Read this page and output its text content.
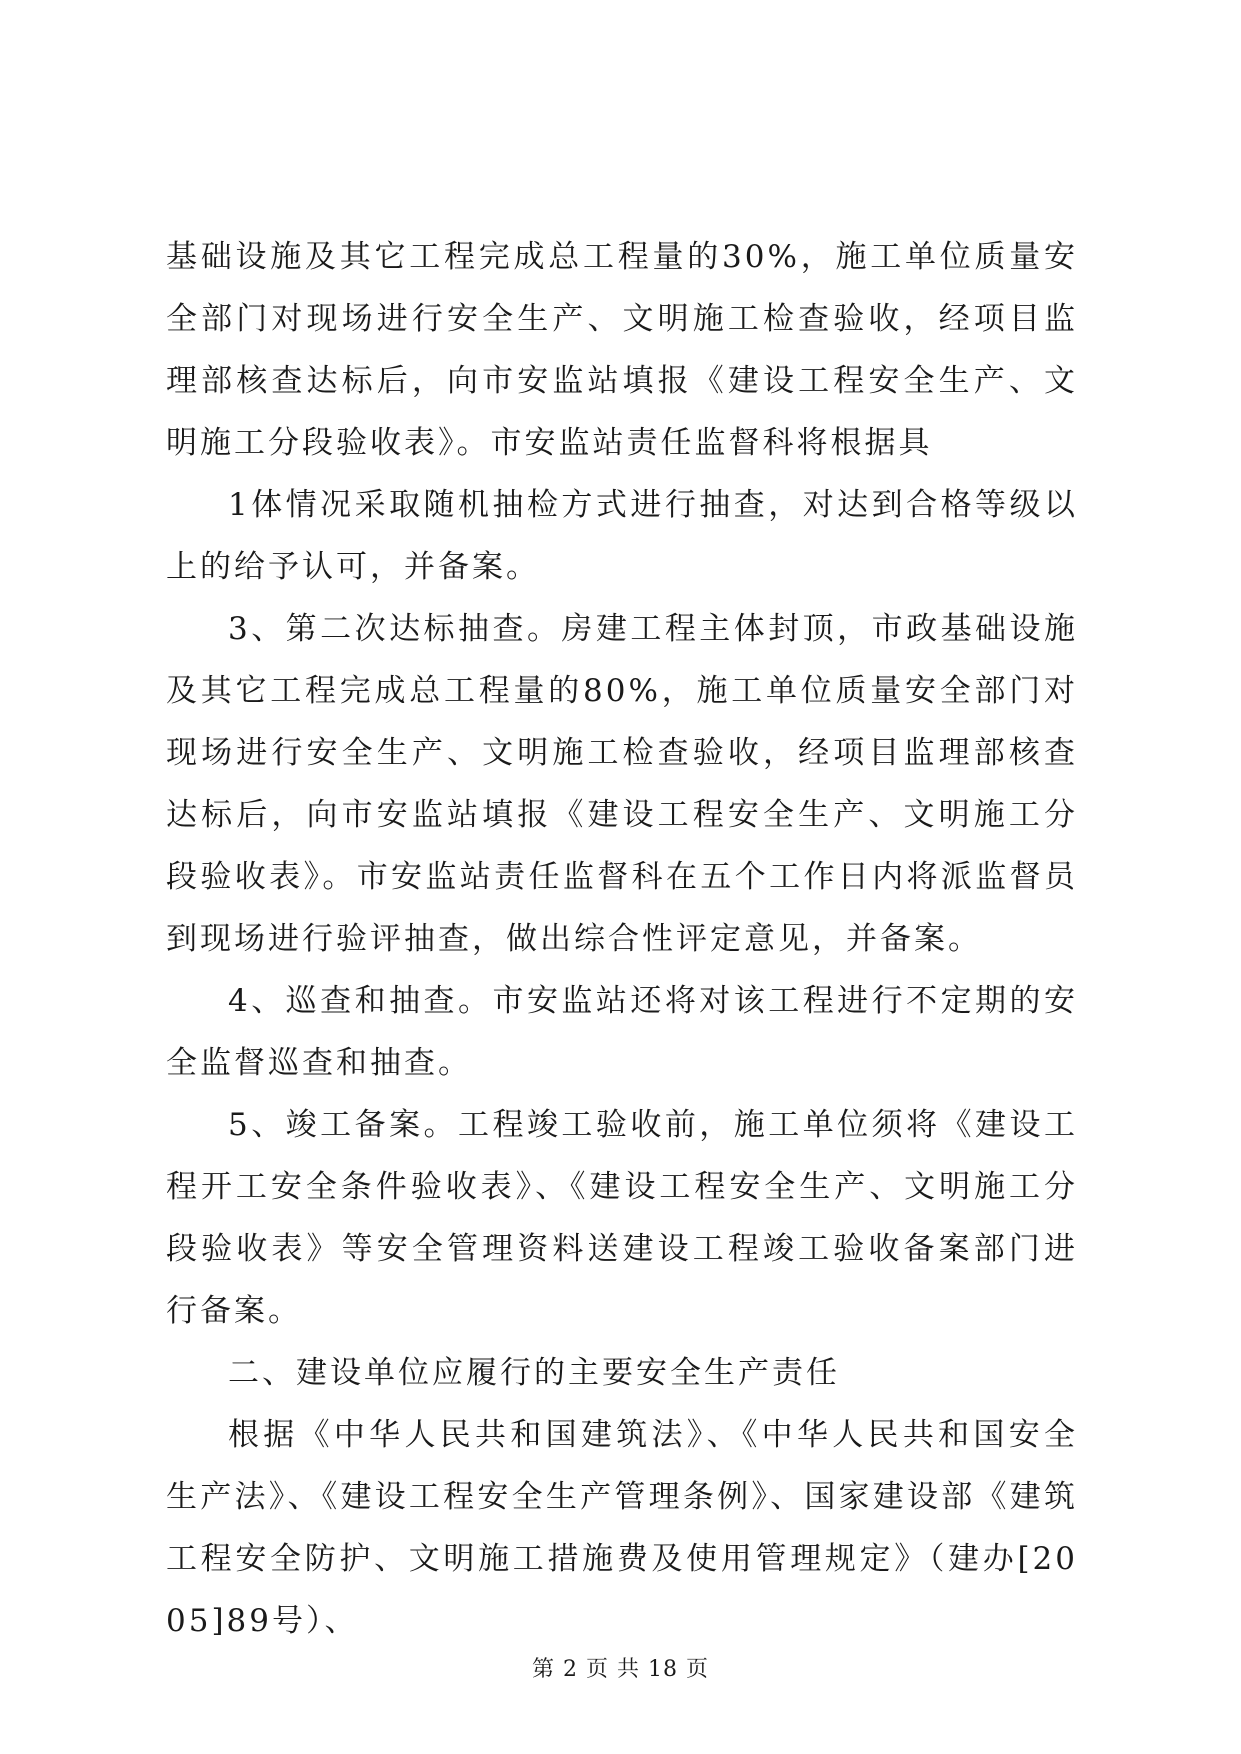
基础设施及其它工程完成总工程量的30%，施工单位质量安全部门对现场进行安全生产、文明施工检查验收，经项目监理部核查达标后，向市安监站填报《建设工程安全生产、文明施工分段验收表》。市安监站责任监督科将根据具

1体情况采取随机抽检方式进行抽查，对达到合格等级以上的给予认可，并备案。

3、第二次达标抽查。房建工程主体封顶，市政基础设施及其它工程完成总工程量的80%，施工单位质量安全部门对现场进行安全生产、文明施工检查验收，经项目监理部核查达标后，向市安监站填报《建设工程安全生产、文明施工分段验收表》。市安监站责任监督科在五个工作日内将派监督员到现场进行验评抽查，做出综合性评定意见，并备案。

4、巡查和抽查。市安监站还将对该工程进行不定期的安全监督巡查和抽查。

5、竣工备案。工程竣工验收前，施工单位须将《建设工程开工安全条件验收表》、《建设工程安全生产、文明施工分段验收表》等安全管理资料送建设工程竣工验收备案部门进行备案。

二、建设单位应履行的主要安全生产责任

根据《中华人民共和国建筑法》、《中华人民共和国安全生产法》、《建设工程安全生产管理条例》、国家建设部《建筑工程安全防护、文明施工措施费及使用管理规定》（建办[2005]89号）、

第 2 页 共 18 页
